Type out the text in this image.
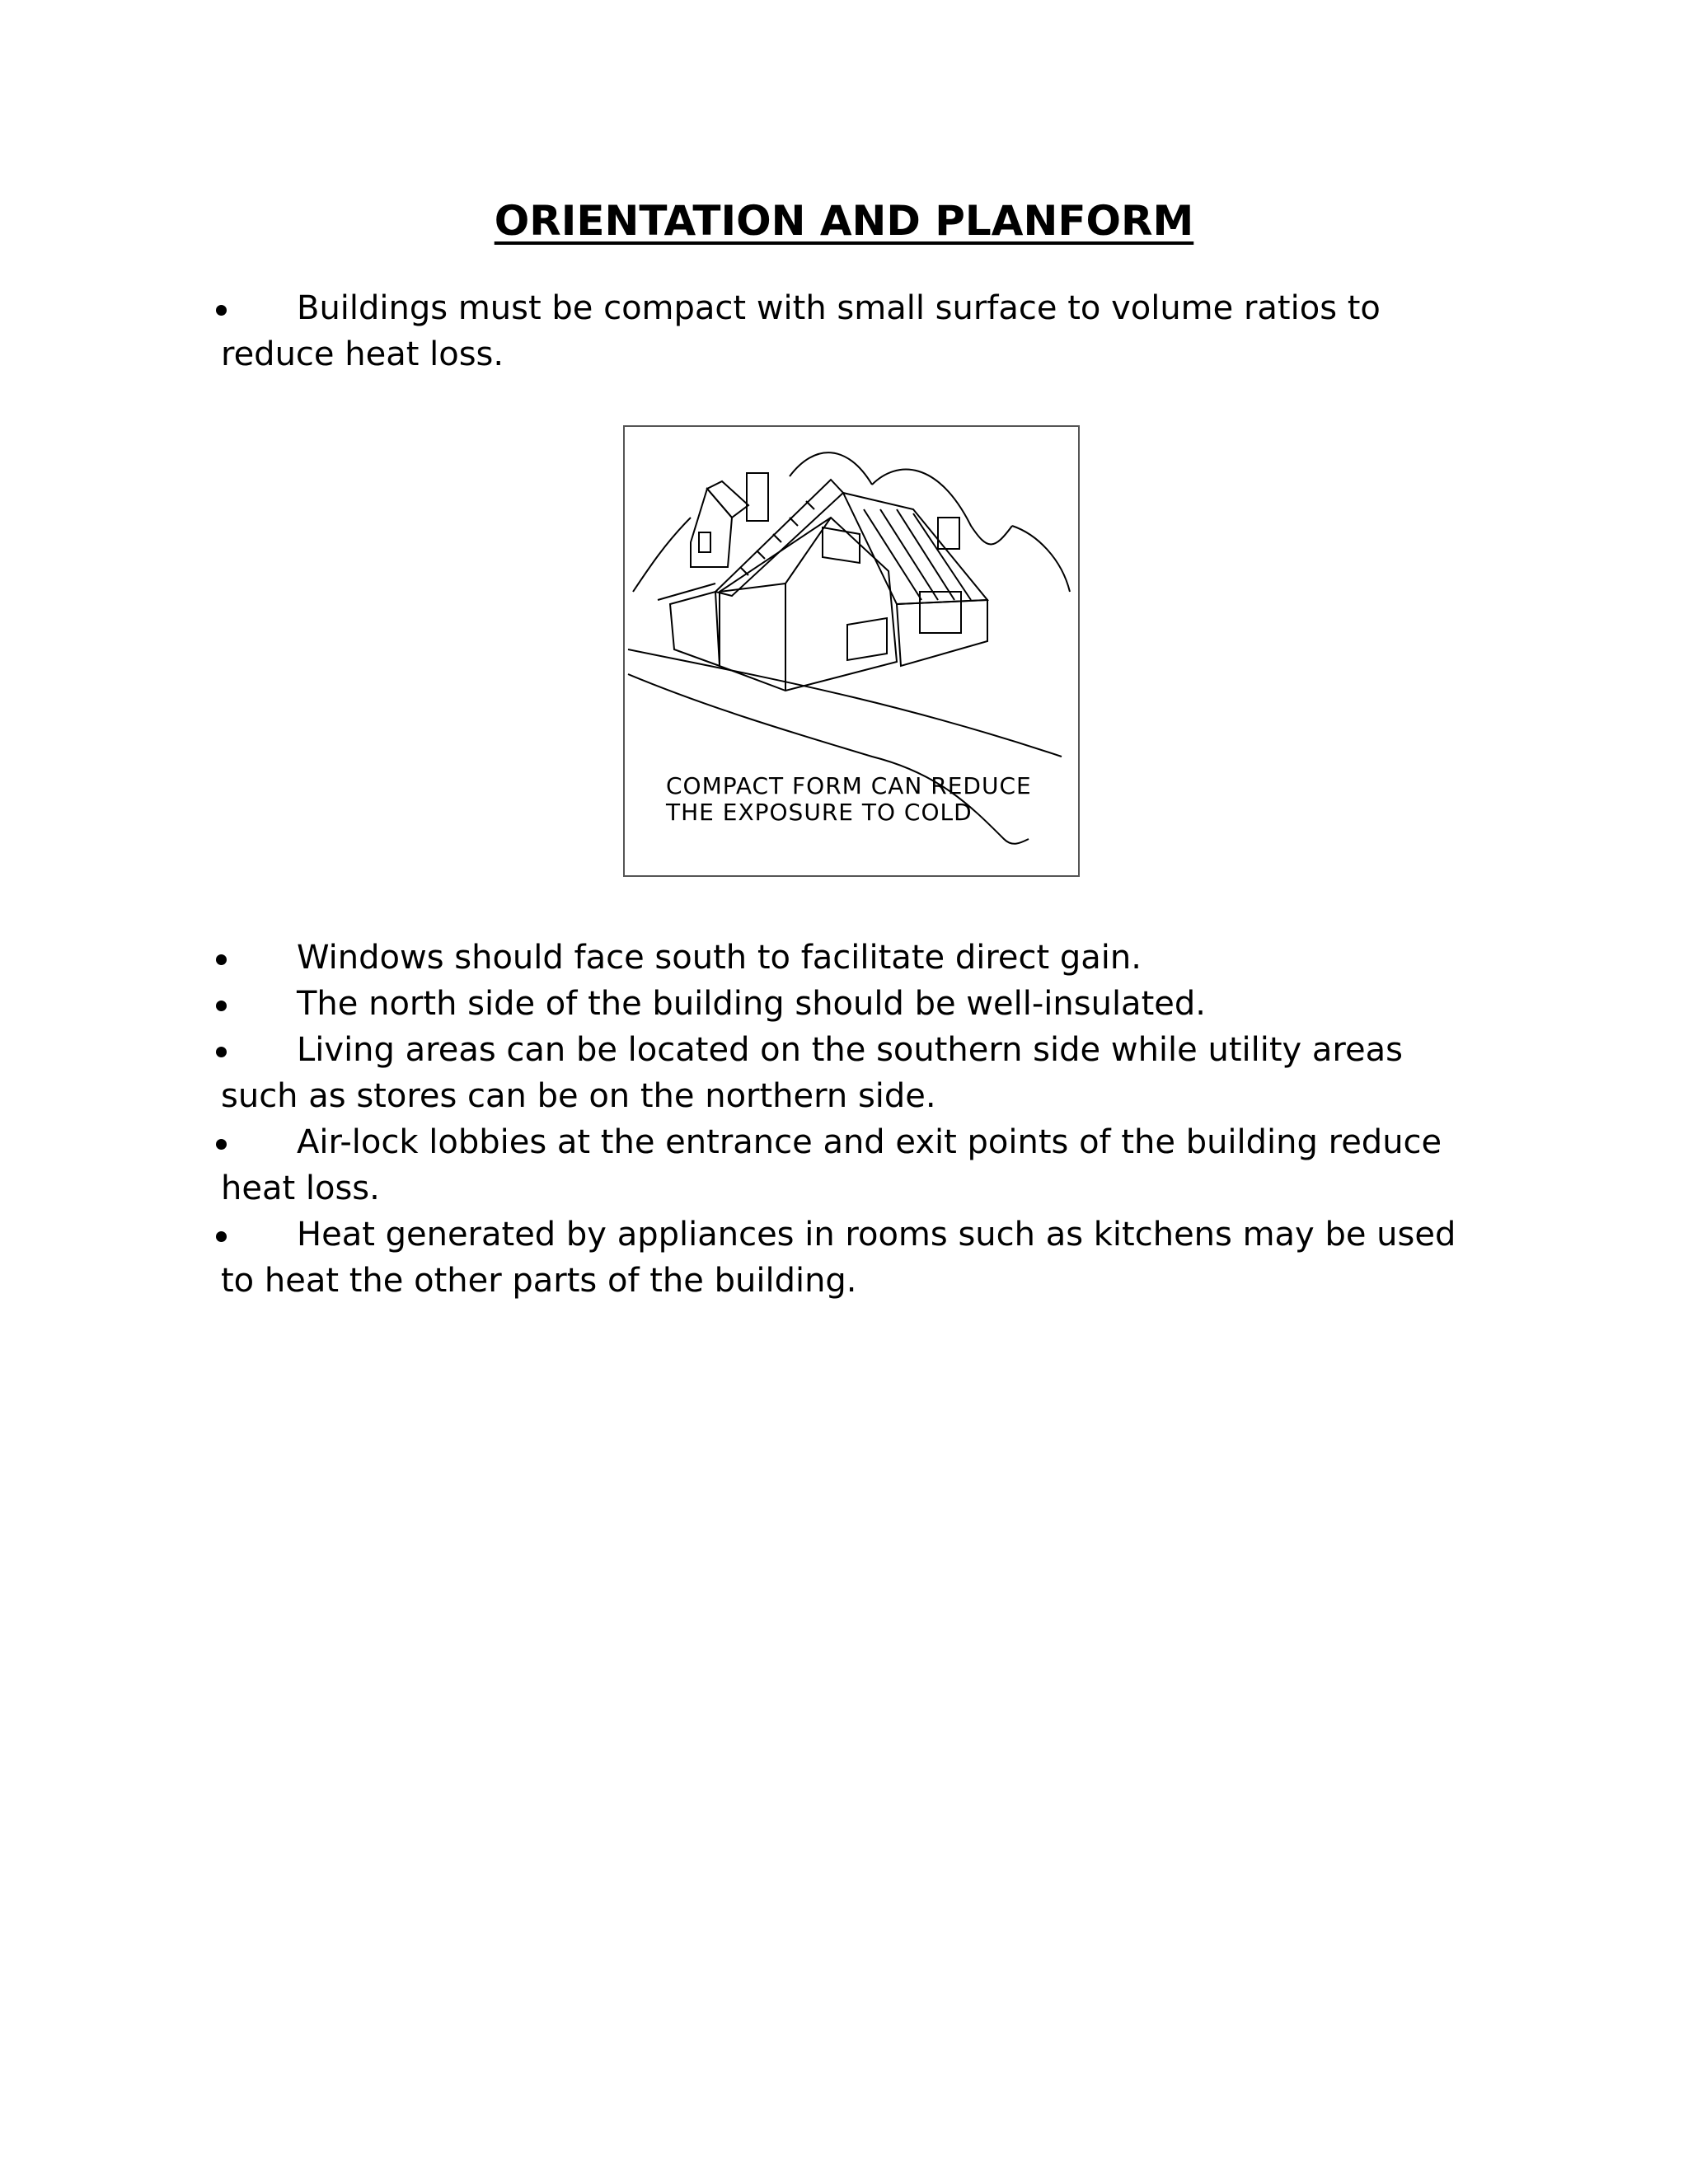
ORIENTATION AND PLANFORM
Buildings must be compact with small surface to volume ratios to reduce heat loss.
COMPACT FORM CAN REDUCE
THE EXPOSURE TO COLD
Windows should face south to facilitate direct gain.
The north side of the building should be well-insulated.
Living areas can be located on the southern side while utility areas such as stores can be on the northern side.
Air-lock lobbies at the entrance and exit points of the building reduce heat loss.
Heat generated by appliances in rooms such as kitchens may be used to heat the other parts of the building.
